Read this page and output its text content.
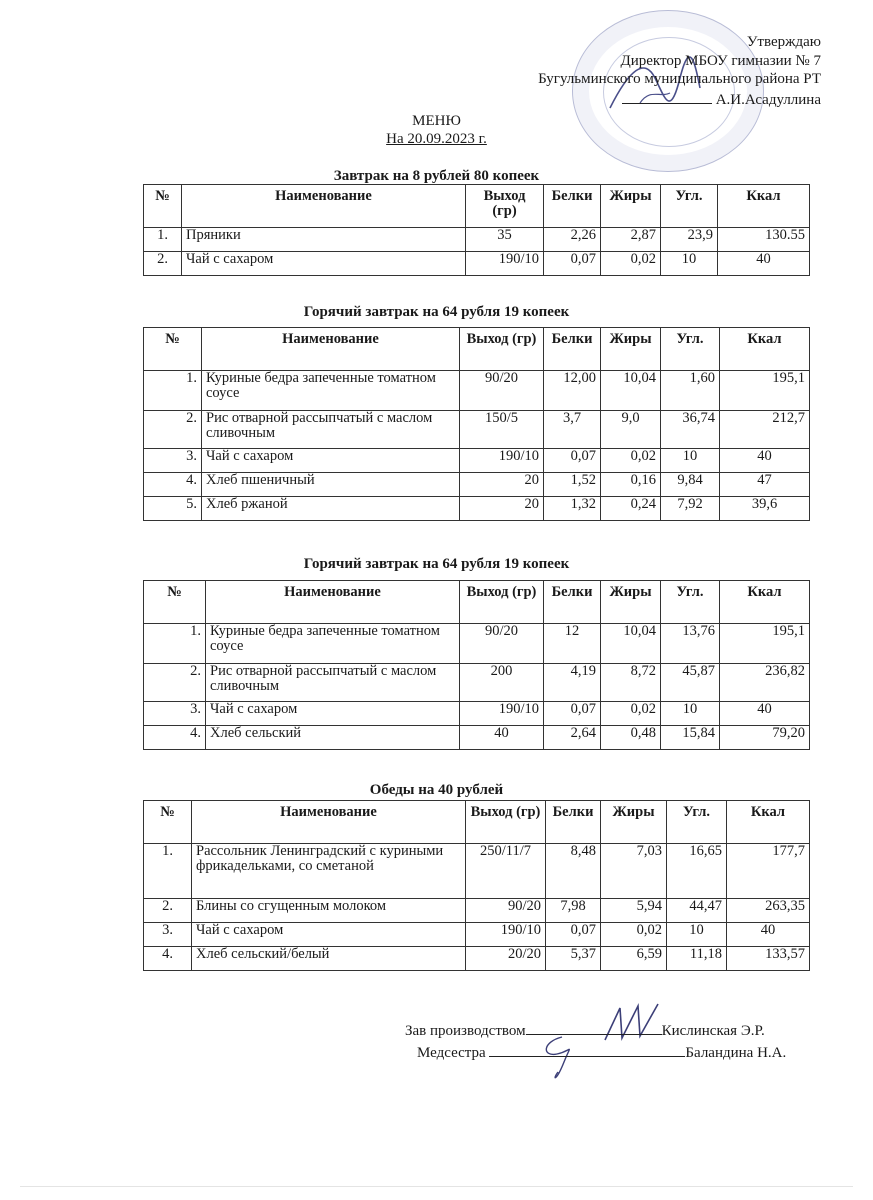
Утверждаю
Директор МБОУ гимназии № 7
Бугульминского муниципального района РТ
А.И.Асадуллина
МЕНЮ
На 20.09.2023 г.
Завтрак на 8 рублей 80 копеек
№	Наименование	Выход (гр)	Белки	Жиры	Угл.	Ккал
1.	Пряники	35	2,26	2,87	23,9	130.55
2.	Чай с сахаром	190/10	0,07	0,02	10	40
Горячий завтрак на 64 рубля 19 копеек
№	Наименование	Выход (гр)	Белки	Жиры	Угл.	Ккал
1.	Куриные бедра запеченные томатном соусе	90/20	12,00	10,04	1,60	195,1
2.	Рис отварной рассыпчатый с маслом сливочным	150/5	3,7	9,0	36,74	212,7
3.	Чай с сахаром	190/10	0,07	0,02	10	40
4.	Хлеб пшеничный	20	1,52	0,16	9,84	47
5.	Хлеб ржаной	20	1,32	0,24	7,92	39,6
Горячий завтрак на 64 рубля 19 копеек
№	Наименование	Выход (гр)	Белки	Жиры	Угл.	Ккал
1.	Куриные бедра запеченные томатном соусе	90/20	12	10,04	13,76	195,1
2.	Рис отварной рассыпчатый с маслом сливочным	200	4,19	8,72	45,87	236,82
3.	Чай с сахаром	190/10	0,07	0,02	10	40
4.	Хлеб сельский	40	2,64	0,48	15,84	79,20
Обеды на 40 рублей
№	Наименование	Выход (гр)	Белки	Жиры	Угл.	Ккал
1.	Рассольник Ленинградский с куриными фрикадельками, со сметаной	250/11/7	8,48	7,03	16,65	177,7
2.	Блины со сгущенным молоком	90/20	7,98	5,94	44,47	263,35
3.	Чай с сахаром	190/10	0,07	0,02	10	40
4.	Хлеб сельский/белый	20/20	5,37	6,59	11,18	133,57
Зав производством	Кислинская Э.Р.
Медсестра	Баландина Н.А.
